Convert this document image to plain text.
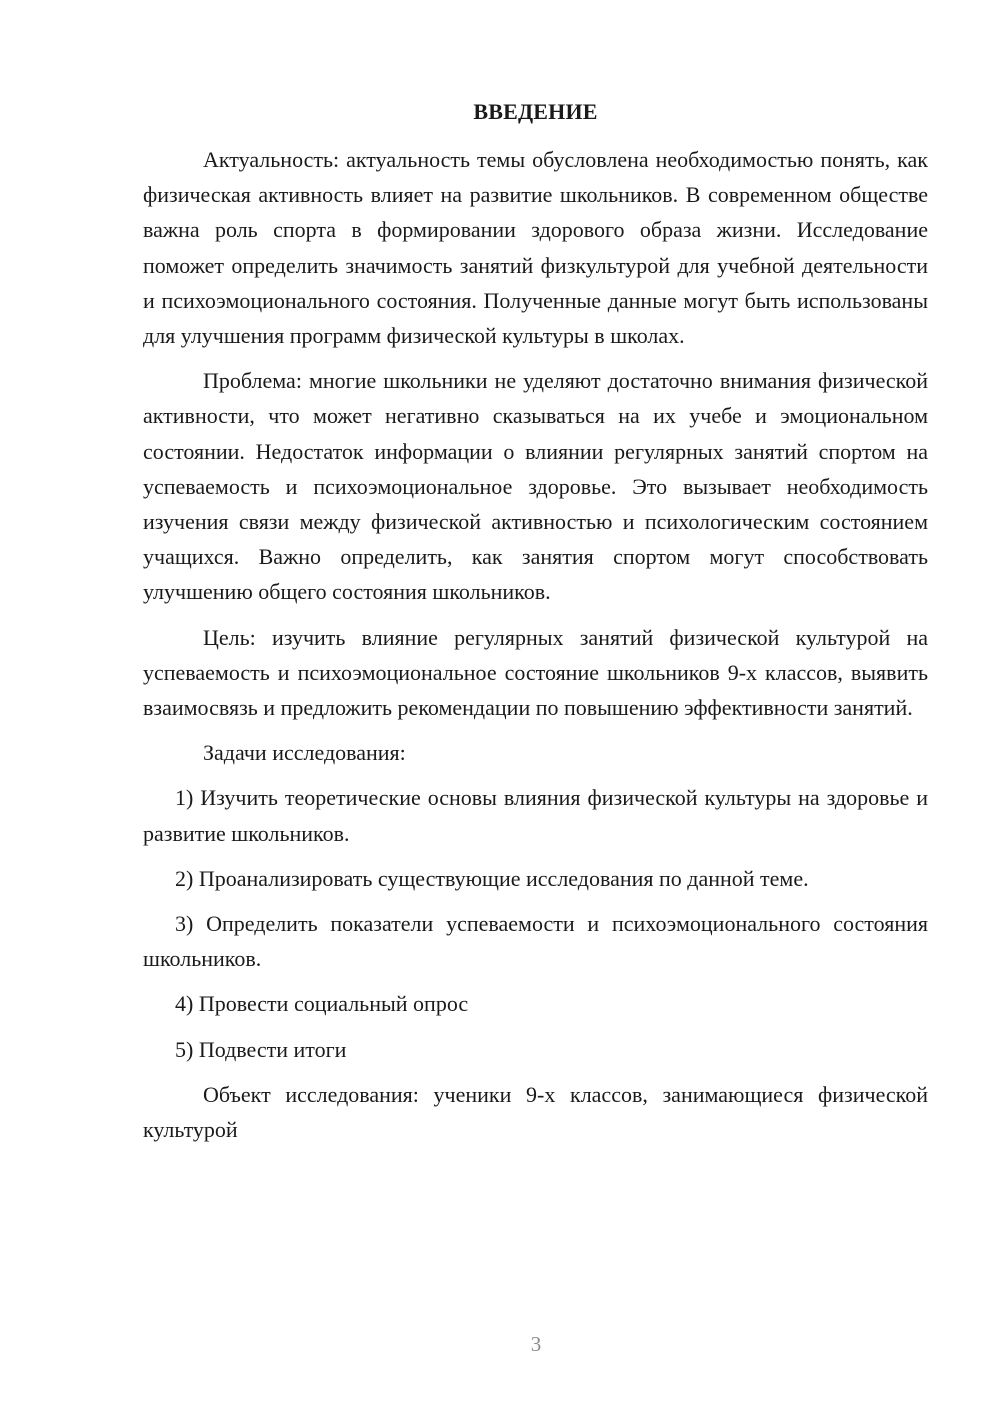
ВВЕДЕНИЕ

Актуальность: актуальность темы обусловлена необходимостью понять, как физическая активность влияет на развитие школьников. В современном обществе важна роль спорта в формировании здорового образа жизни. Исследование поможет определить значимость занятий физкультурой для учебной деятельности и психоэмоционального состояния. Полученные данные могут быть использованы для улучшения программ физической культуры в школах.

Проблема: многие школьники не уделяют достаточно внимания физической активности, что может негативно сказываться на их учебе и эмоциональном состоянии. Недостаток информации о влиянии регулярных занятий спортом на успеваемость и психоэмоциональное здоровье. Это вызывает необходимость изучения связи между физической активностью и психологическим состоянием учащихся. Важно определить, как занятия спортом могут способствовать улучшению общего состояния школьников.

Цель: изучить влияние регулярных занятий физической культурой на успеваемость и психоэмоциональное состояние школьников 9-х классов, выявить взаимосвязь и предложить рекомендации по повышению эффективности занятий.

Задачи исследования:

1) Изучить теоретические основы влияния физической культуры на здоровье и развитие школьников.

2) Проанализировать существующие исследования по данной теме.

3) Определить показатели успеваемости и психоэмоционального состояния школьников.

4) Провести социальный опрос

5) Подвести итоги

Объект исследования: ученики 9-х классов, занимающиеся физической культурой

3
